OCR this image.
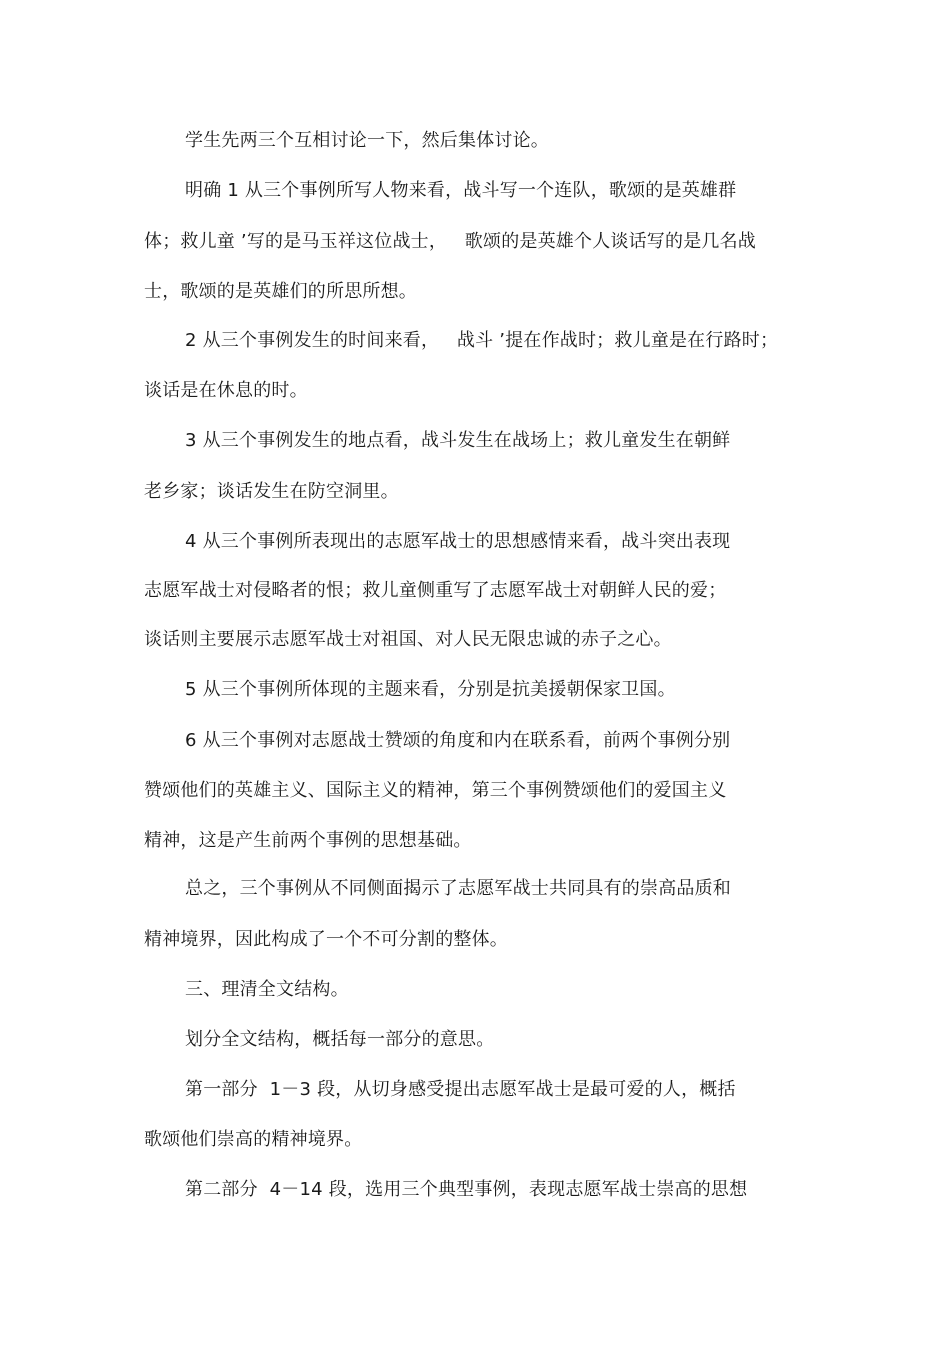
学生先两三个互相讨论一下，然后集体讨论。
明确 1 从三个事例所写人物来看，战斗写一个连队，歌颂的是英雄群
体；救儿童 ’写的是马玉祥这位战士，   歌颂的是英雄个人谈话写的是几名战
士，歌颂的是英雄们的所思所想。
2 从三个事例发生的时间来看，   战斗 ’提在作战时；救儿童是在行路时；
谈话是在休息的时。
3 从三个事例发生的地点看，战斗发生在战场上；救儿童发生在朝鲜
老乡家；谈话发生在防空洞里。
4 从三个事例所表现出的志愿军战士的思想感情来看，战斗突出表现
志愿军战士对侵略者的恨；救儿童侧重写了志愿军战士对朝鲜人民的爱；
谈话则主要展示志愿军战士对祖国、对人民无限忠诚的赤子之心。
5 从三个事例所体现的主题来看，分别是抗美援朝保家卫国。
6 从三个事例对志愿战士赞颂的角度和内在联系看，前两个事例分别
赞颂他们的英雄主义、国际主义的精神，第三个事例赞颂他们的爱国主义
精神，这是产生前两个事例的思想基础。
总之，三个事例从不同侧面揭示了志愿军战士共同具有的崇高品质和
精神境界，因此构成了一个不可分割的整体。
三、理清全文结构。
划分全文结构，概括每一部分的意思。
第一部分  1－3 段，从切身感受提出志愿军战士是最可爱的人，概括
歌颂他们崇高的精神境界。
第二部分  4－14 段，选用三个典型事例，表现志愿军战士崇高的思想
